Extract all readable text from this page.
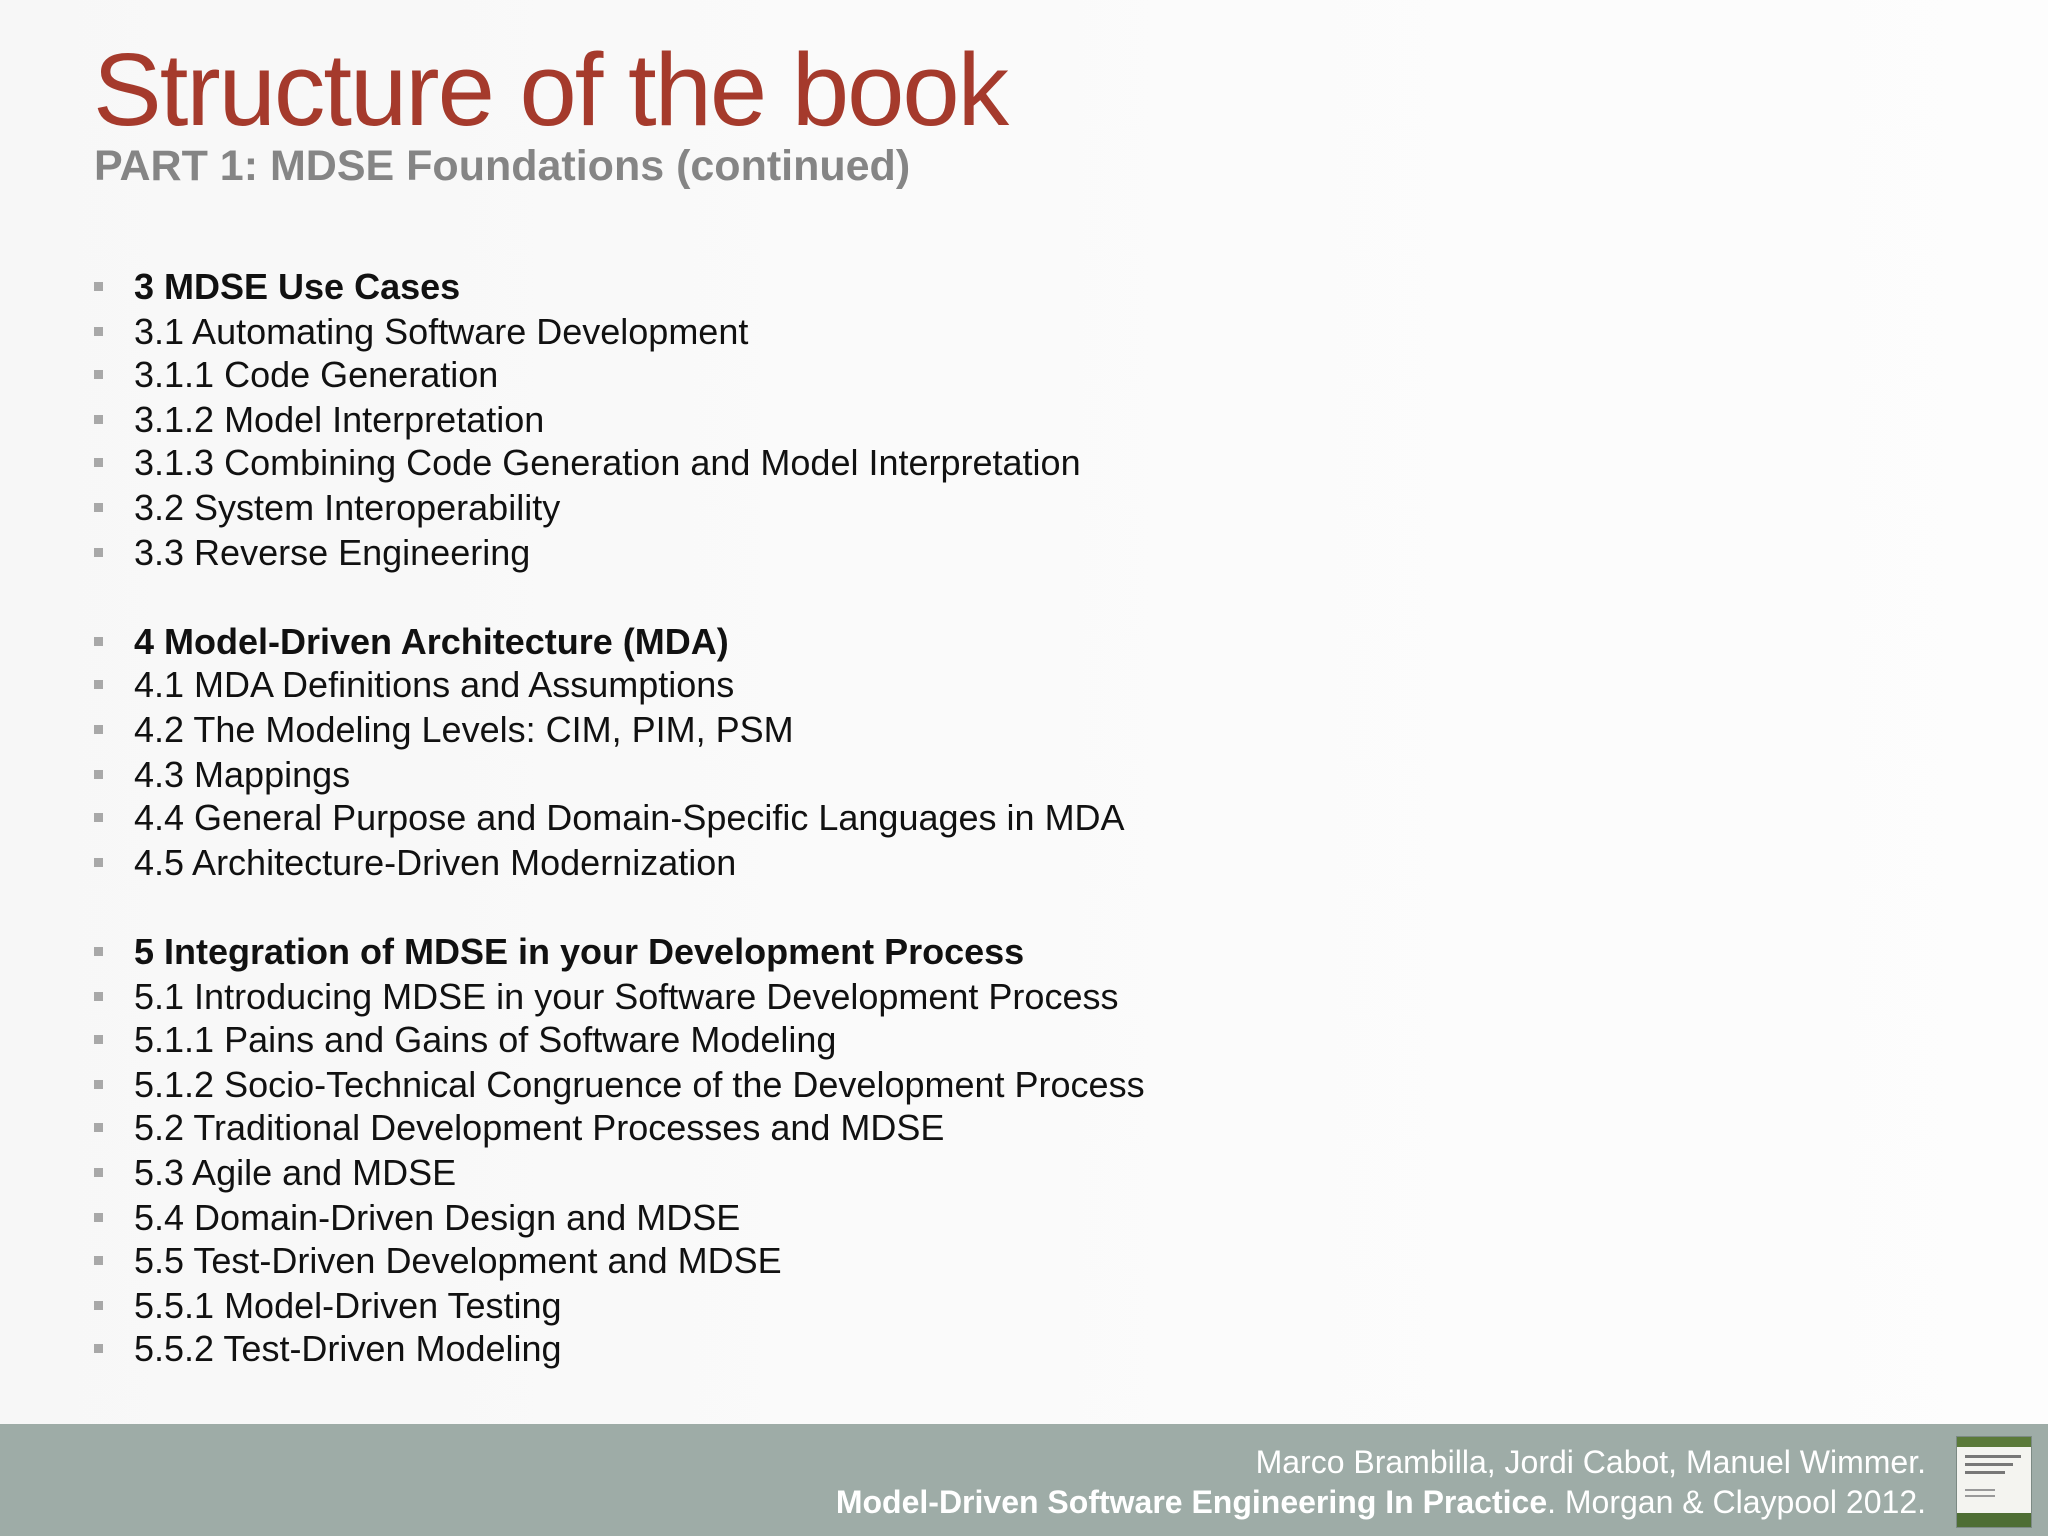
Structure of the book
PART 1: MDSE Foundations (continued)
3 MDSE Use Cases
3.1 Automating Software Development
3.1.1 Code Generation
3.1.2 Model Interpretation
3.1.3 Combining Code Generation and Model Interpretation
3.2 System Interoperability
3.3 Reverse Engineering
4 Model-Driven Architecture (MDA)
4.1 MDA Definitions and Assumptions
4.2 The Modeling Levels: CIM, PIM, PSM
4.3 Mappings
4.4 General Purpose and Domain-Specific Languages in MDA
4.5 Architecture-Driven Modernization
5 Integration of MDSE in your Development Process
5.1 Introducing MDSE in your Software Development Process
5.1.1 Pains and Gains of Software Modeling
5.1.2 Socio-Technical Congruence of the Development Process
5.2 Traditional Development Processes and MDSE
5.3 Agile and MDSE
5.4 Domain-Driven Design and MDSE
5.5 Test-Driven Development and MDSE
5.5.1 Model-Driven Testing
5.5.2 Test-Driven Modeling
Marco Brambilla, Jordi Cabot, Manuel Wimmer.
Model-Driven Software Engineering In Practice. Morgan & Claypool 2012.
